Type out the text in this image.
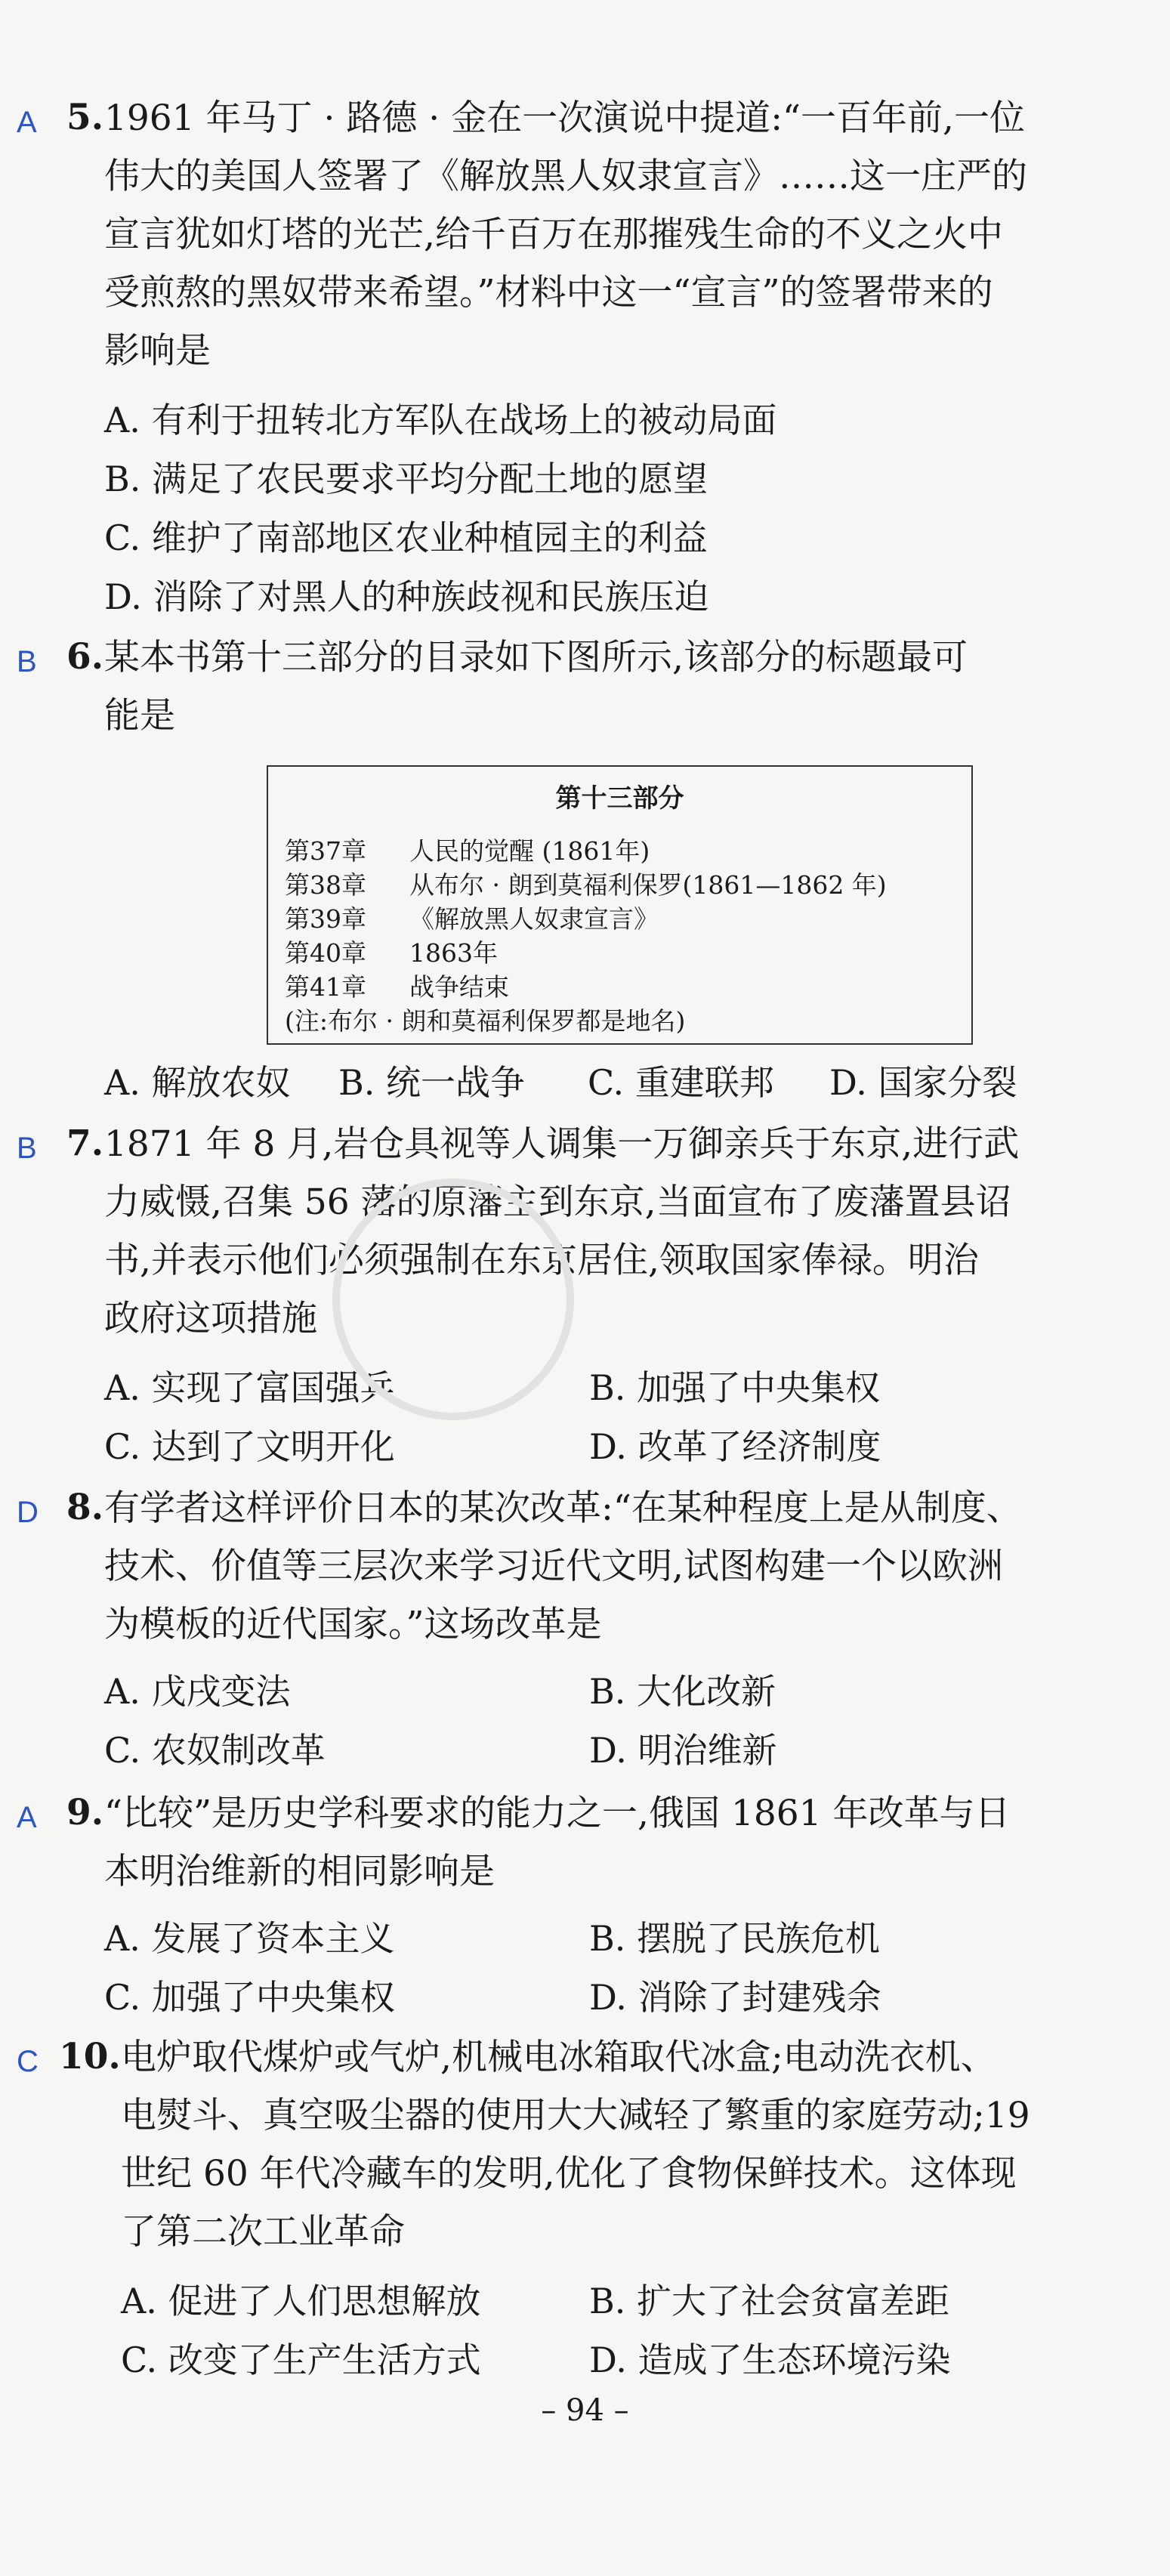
A 5. 1961 年马丁 · 路德 · 金在一次演说中提道:“一百年前,一位
伟大的美国人签署了《解放黑人奴隶宣言》……这一庄严的
宣言犹如灯塔的光芒,给千百万在那摧残生命的不义之火中
受煎熬的黑奴带来希望。”材料中这一“宣言”的签署带来的
影响是
A. 有利于扭转北方军队在战场上的被动局面
B. 满足了农民要求平均分配土地的愿望
C. 维护了南部地区农业种植园主的利益
D. 消除了对黑人的种族歧视和民族压迫
B 6. 某本书第十三部分的目录如下图所示,该部分的标题最可
能是
A. 解放农奴 B. 统一战争 C. 重建联邦 D. 国家分裂
第十三部分
第37章 人民的觉醒 (1861年)
第38章 从布尔 · 朗到莫福利保罗(1861—1862 年)
第39章 《解放黑人奴隶宣言》
第40章 1863年
第41章 战争结束
(注:布尔 · 朗和莫福利保罗都是地名)
B 7. 1871 年 8 月,岩仓具视等人调集一万御亲兵于东京,进行武
力威慑,召集 56 藩的原藩主到东京,当面宣布了废藩置县诏
书,并表示他们必须强制在东京居住,领取国家俸禄。明治
政府这项措施
A. 实现了富国强兵	B. 加强了中央集权
C. 达到了文明开化	D. 改革了经济制度
D 8. 有学者这样评价日本的某次改革:“在某种程度上是从制度、
技术、价值等三层次来学习近代文明,试图构建一个以欧洲
为模板的近代国家。”这场改革是
A. 戊戌变法	B. 大化改新
C. 农奴制改革	D. 明治维新
A 9. “比较”是历史学科要求的能力之一,俄国 1861 年改革与日
本明治维新的相同影响是
A. 发展了资本主义	B. 摆脱了民族危机
C. 加强了中央集权	D. 消除了封建残余
C 10. 电炉取代煤炉或气炉,机械电冰箱取代冰盒;电动洗衣机、
电熨斗、真空吸尘器的使用大大减轻了繁重的家庭劳动;19
世纪 60 年代冷藏车的发明,优化了食物保鲜技术。这体现
了第二次工业革命
A. 促进了人们思想解放	B. 扩大了社会贫富差距
C. 改变了生产生活方式	D. 造成了生态环境污染
– 94 –
